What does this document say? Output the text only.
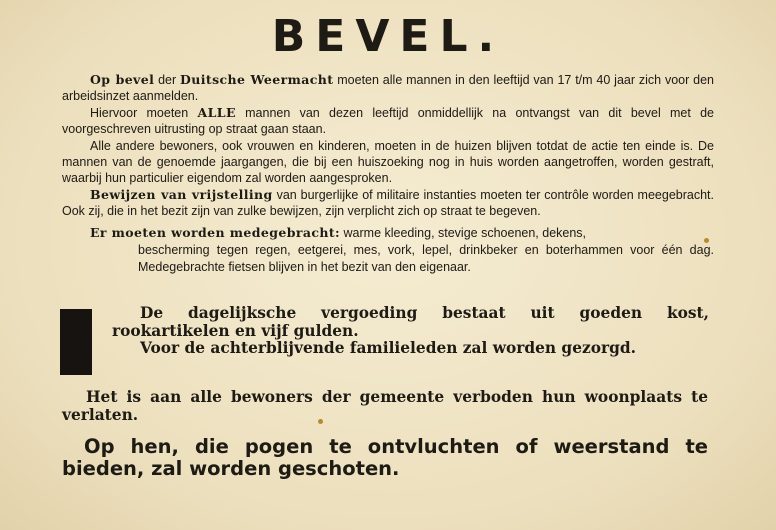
BEVEL.

Op bevel der Duitsche Weermacht moeten alle mannen in den leeftijd van 17 t/m 40 jaar zich voor den arbeidsinzet aanmelden.

Hiervoor moeten ALLE mannen van dezen leeftijd onmiddellijk na ontvangst van dit bevel met de voorgeschreven uitrusting op straat gaan staan.

Alle andere bewoners, ook vrouwen en kinderen, moeten in de huizen blijven totdat de actie ten einde is. De mannen van de genoemde jaargangen, die bij een huiszoeking nog in huis worden aangetroffen, worden gestraft, waarbij hun particulier eigendom zal worden aangesproken.

Bewijzen van vrijstelling van burgerlijke of militaire instanties moeten ter contrôle worden meegebracht. Ook zij, die in het bezit zijn van zulke bewijzen, zijn verplicht zich op straat te begeven.

Er moeten worden medegebracht: warme kleeding, stevige schoenen, dekens,
bescherming tegen regen, eetgerei, mes, vork, lepel, drinkbeker en boterhammen voor één dag. Medegebrachte fietsen blijven in het bezit van den eigenaar.

De dagelijksche vergoeding bestaat uit goeden kost, rookartikelen en vijf gulden.

Voor de achterblijvende familieleden zal worden gezorgd.

Het is aan alle bewoners der gemeente verboden hun woonplaats te verlaten.
Op hen, die pogen te ontvluchten of weerstand te bieden, zal worden geschoten.
